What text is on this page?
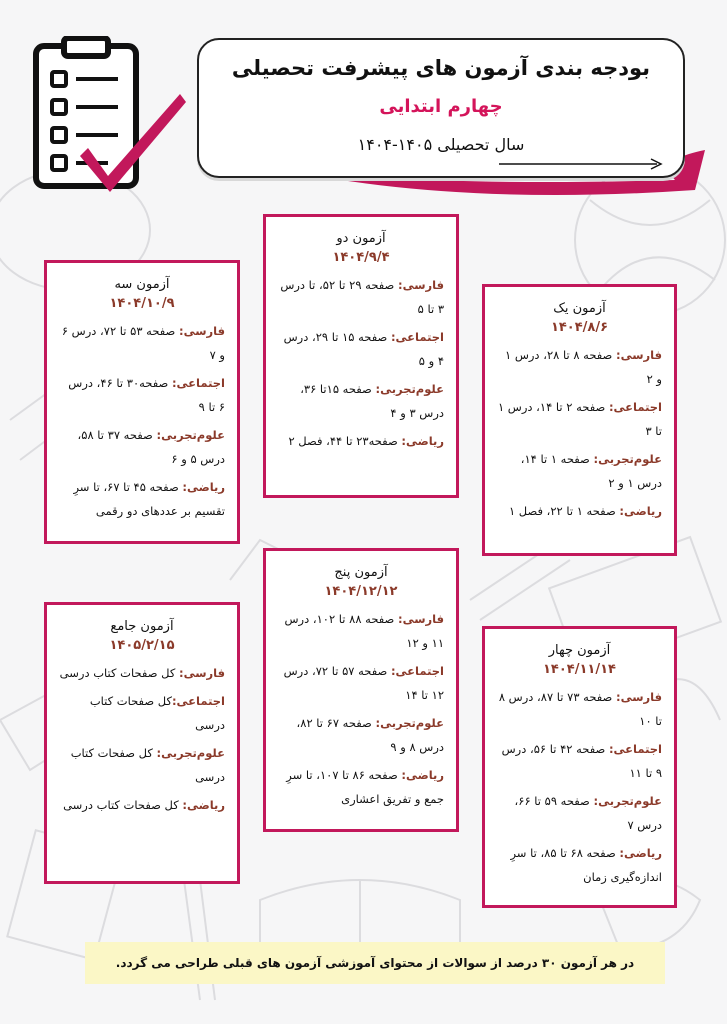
بودجه بندی آزمون های پیشرفت تحصیلی
چهارم ابتدایی
سال تحصیلی ۱۴۰۵-۱۴۰۴
آزمون یک
۱۴۰۴/۸/۶
فارسی: صفحه ۸ تا ۲۸، درس ۱ و ۲
اجتماعی: صفحه ۲ تا ۱۴، درس ۱ تا ۳
علوم‌تجربی: صفحه ۱ تا ۱۴، درس ۱ و ۲
ریاضی: صفحه ۱ تا ۲۲، فصل ۱
آزمون دو
۱۴۰۴/۹/۴
فارسی: صفحه ۲۹ تا ۵۲، تا درس ۳ تا ۵
اجتماعی: صفحه ۱۵ تا ۲۹، درس ۴ و ۵
علوم‌تجربی: صفحه ۱۵تا ۳۶، درس ۳ و ۴
ریاضی: صفحه۲۳ تا ۴۴، فصل ۲
آزمون سه
۱۴۰۴/۱۰/۹
فارسی: صفحه ۵۳ تا ۷۲، درس ۶ و ۷
اجتماعی: صفحه۳۰ تا ۴۶، درس ۶ تا ۹
علوم‌تجربی: صفحه ۳۷ تا ۵۸، درس ۵ و ۶
ریاضی: صفحه ۴۵ تا ۶۷، تا سرِ تقسیم بر عددهای دو رقمی
آزمون چهار
۱۴۰۴/۱۱/۱۴
فارسی: صفحه ۷۳ تا ۸۷، درس ۸ تا ۱۰
اجتماعی: صفحه ۴۲ تا ۵۶، درس ۹ تا ۱۱
علوم‌تجربی: صفحه ۵۹ تا ۶۶، درس ۷
ریاضی: صفحه ۶۸ تا ۸۵، تا سرِ اندازه‌گیری زمان
آزمون پنج
۱۴۰۴/۱۲/۱۲
فارسی: صفحه ۸۸ تا ۱۰۲، درس ۱۱ و ۱۲
اجتماعی: صفحه ۵۷ تا ۷۲، درس ۱۲ تا ۱۴
علوم‌تجربی: صفحه ۶۷ تا ۸۲، درس ۸ و ۹
ریاضی: صفحه ۸۶ تا ۱۰۷، تا سرِ جمع و تفریق اعشاری
آزمون جامع
۱۴۰۵/۲/۱۵
فارسی: کل صفحات کتاب درسی
اجتماعی:کل صفحات کتاب درسی
علوم‌تجربی: کل صفحات کتاب درسی
ریاضی: کل صفحات کتاب درسی
در هر آزمون ۳۰ درصد از سوالات از محتوای آموزشی آزمون های قبلی طراحی می گردد.
